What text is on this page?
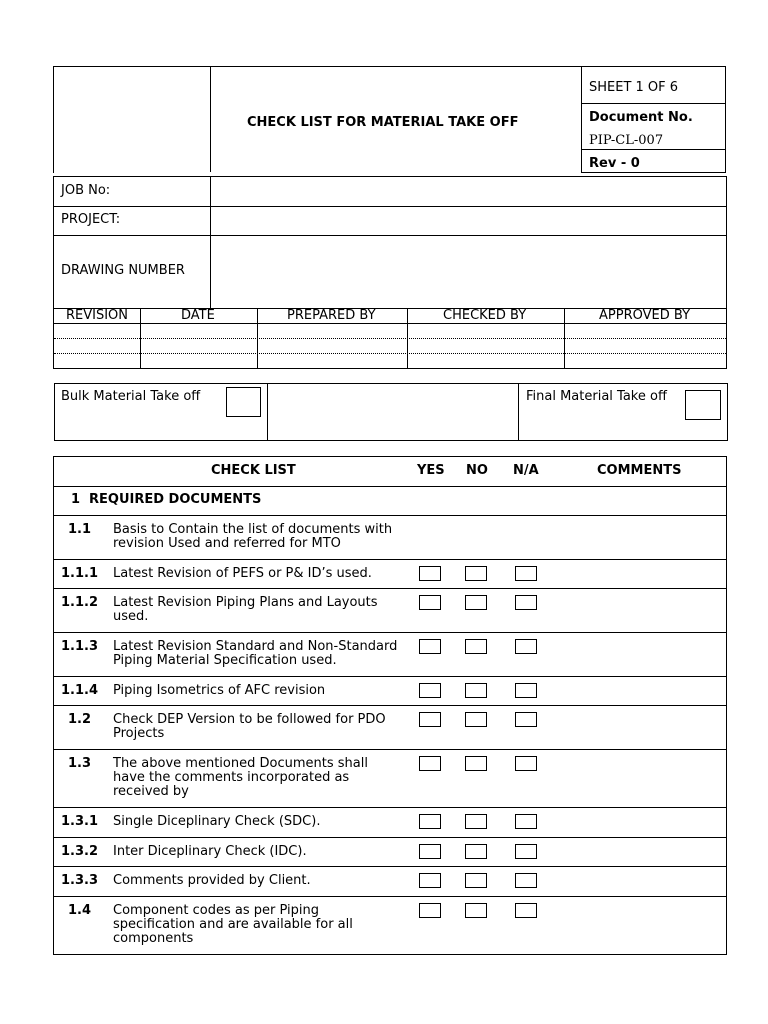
CHECK LIST FOR MATERIAL TAKE OFF
SHEET 1 OF 6
Document No.
PIP-CL-007
Rev - 0
JOB No:
PROJECT:
DRAWING NUMBER
REVISION	DATE	PREPARED BY	CHECKED BY	APPROVED BY
Bulk Material Take off	Final Material Take off
CHECK LIST	YES NO N/A	COMMENTS
1 REQUIRED DOCUMENTS
1.1 Basis to Contain the list of documents with
revision Used and referred for MTO
1.1.1 Latest Revision of PEFS or P& ID’s used.
1.1.2 Latest Revision Piping Plans and Layouts
used.
1.1.3 Latest Revision Standard and Non-Standard
Piping Material Specification used.
1.1.4 Piping Isometrics of AFC revision
1.2 Check DEP Version to be followed for PDO
Projects
1.3 The above mentioned Documents shall
have the comments incorporated as
received by
1.3.1 Single Diceplinary Check (SDC).
1.3.2 Inter Diceplinary Check (IDC).
1.3.3 Comments provided by Client.
1.4 Component codes as per Piping
specification and are available for all
components
